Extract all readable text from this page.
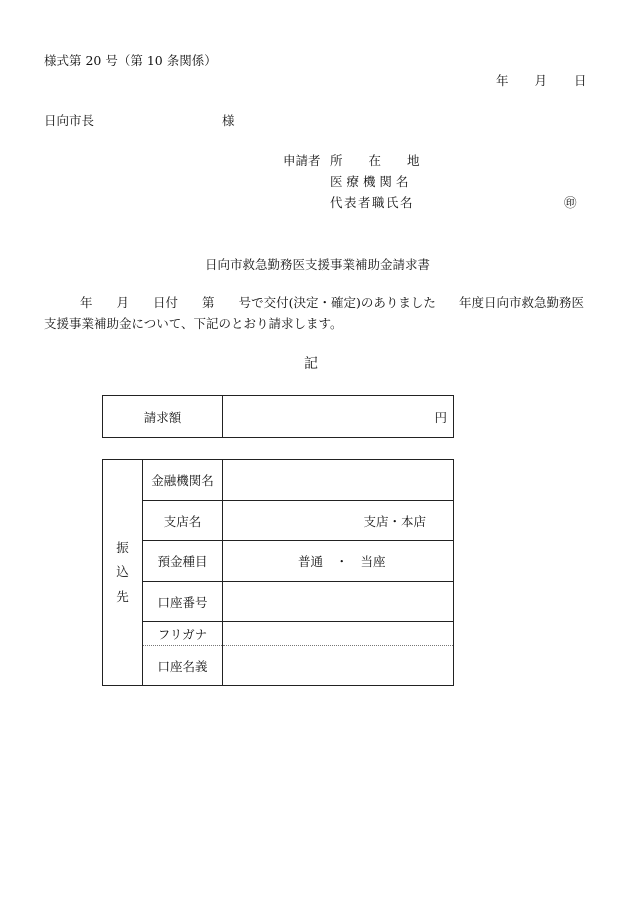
様式第 20 号（第 10 条関係）
年 月 日
日向市長	様
申請者 所 在 地
医 療 機 関 名
代表者職氏名	㊞
日向市救急勤務医支援事業補助金請求書
年 月 日付 第 号で交付(決定・確定)のありました 年度日向市救急勤務医
支援事業補助金について、下記のとおり請求します。
記
請求額	円
振
込
先	金融機関名	
	支店名	支店・本店
	預金種目	普通　・　当座
	口座番号	
	フリガナ	
	口座名義	
